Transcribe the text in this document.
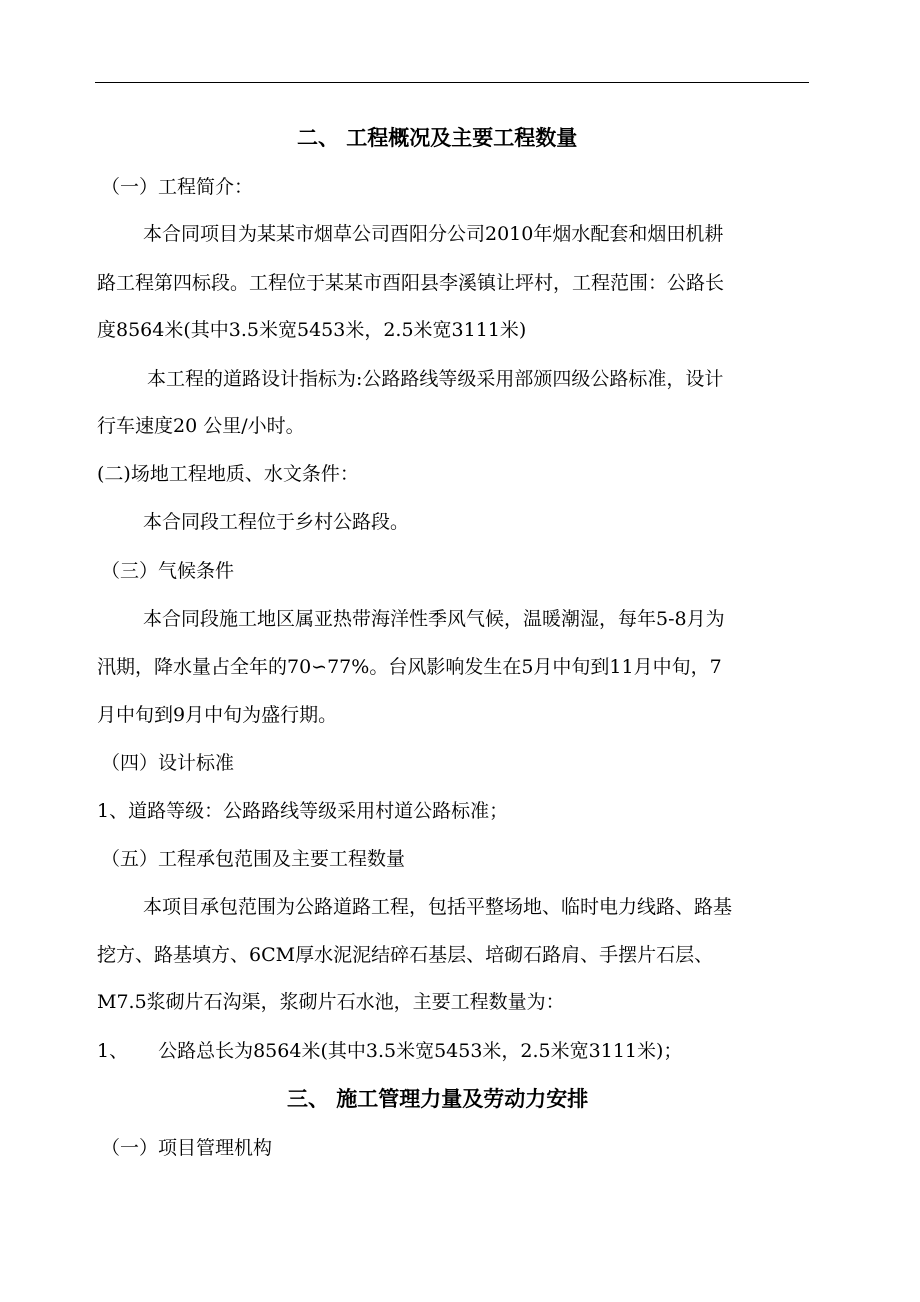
二、 工程概况及主要工程数量
（一）工程简介：
本合同项目为某某市烟草公司酉阳分公司2010年烟水配套和烟田机耕
路工程第四标段。工程位于某某市酉阳县李溪镇让坪村，工程范围：公路长
度8564米(其中3.5米宽5453米，2.5米宽3111米)
本工程的道路设计指标为:公路路线等级采用部颁四级公路标准，设计
行车速度20 公里/小时。
(二)场地工程地质、水文条件：
本合同段工程位于乡村公路段。
（三）气候条件
本合同段施工地区属亚热带海洋性季风气候，温暖潮湿，每年5-8月为
汛期，降水量占全年的70∽77%。台风影响发生在5月中旬到11月中旬，7
月中旬到9月中旬为盛行期。
（四）设计标准
1、道路等级：公路路线等级采用村道公路标准；
（五）工程承包范围及主要工程数量
本项目承包范围为公路道路工程，包括平整场地、临时电力线路、路基
挖方、路基填方、6CM厚水泥泥结碎石基层、培砌石路肩、手摆片石层、
M7.5浆砌片石沟渠，浆砌片石水池，主要工程数量为：
1、 公路总长为8564米(其中3.5米宽5453米，2.5米宽3111米)；
三、 施工管理力量及劳动力安排
（一）项目管理机构
